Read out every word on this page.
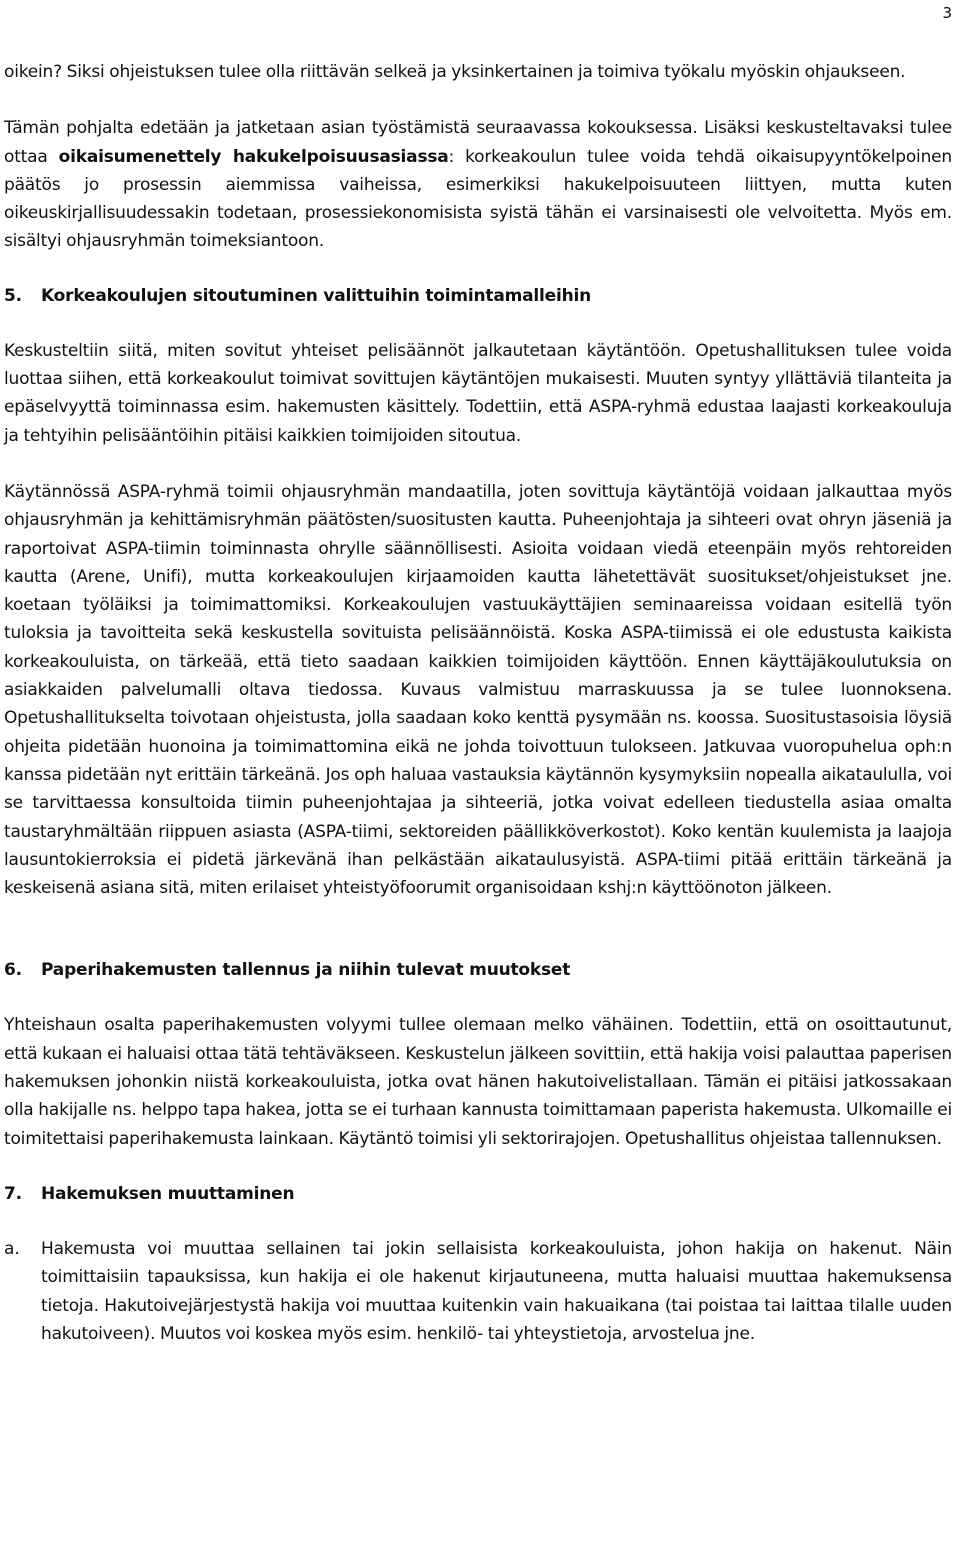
3

oikein? Siksi ohjeistuksen tulee olla riittävän selkeä ja yksinkertainen ja toimiva työkalu myöskin ohjaukseen.

Tämän pohjalta edetään ja jatketaan asian työstämistä seuraavassa kokouksessa. Lisäksi keskusteltavaksi tulee ottaa oikaisumenettely hakukelpoisuusasiassa: korkeakoulun tulee voida tehdä oikaisupyyntökelpoinen päätös jo prosessin aiemmissa vaiheissa, esimerkiksi hakukelpoisuuteen liittyen, mutta kuten oikeuskirjallisuudessakin todetaan, prosessiekonomisista syistä tähän ei varsinaisesti ole velvoitetta. Myös em. sisältyi ohjausryhmän toimeksiantoon.

5. Korkeakoulujen sitoutuminen valittuihin toimintamalleihin

Keskusteltiin siitä, miten sovitut yhteiset pelisäännöt jalkautetaan käytäntöön. Opetushallituksen tulee voida luottaa siihen, että korkeakoulut toimivat sovittujen käytäntöjen mukaisesti. Muuten syntyy yllättäviä tilanteita ja epäselvyyttä toiminnassa esim. hakemusten käsittely. Todettiin, että ASPA-ryhmä edustaa laajasti korkeakouluja ja tehtyihin pelisääntöihin pitäisi kaikkien toimijoiden sitoutua.

Käytännössä ASPA-ryhmä toimii ohjausryhmän mandaatilla, joten sovittuja käytäntöjä voidaan jalkauttaa myös ohjausryhmän ja kehittämisryhmän päätösten/suositusten kautta. Puheenjohtaja ja sihteeri ovat ohryn jäseniä ja raportoivat ASPA-tiimin toiminnasta ohrylle säännöllisesti. Asioita voidaan viedä eteenpäin myös rehtoreiden kautta (Arene, Unifi), mutta korkeakoulujen kirjaamoiden kautta lähetettävät suositukset/ohjeistukset jne. koetaan työläiksi ja toimimattomiksi. Korkeakoulujen vastuukäyttäjien seminaareissa voidaan esitellä työn tuloksia ja tavoitteita sekä keskustella sovituista pelisäännöistä. Koska ASPA-tiimissä ei ole edustusta kaikista korkeakouluista, on tärkeää, että tieto saadaan kaikkien toimijoiden käyttöön. Ennen käyttäjäkoulutuksia on asiakkaiden palvelumalli oltava tiedossa. Kuvaus valmistuu marraskuussa ja se tulee luonnoksena. Opetushallitukselta toivotaan ohjeistusta, jolla saadaan koko kenttä pysymään ns. koossa. Suositustasoisia löysiä ohjeita pidetään huonoina ja toimimattomina eikä ne johda toivottuun tulokseen. Jatkuvaa vuoropuhelua oph:n kanssa pidetään nyt erittäin tärkeänä. Jos oph haluaa vastauksia käytännön kysymyksiin nopealla aikataululla, voi se tarvittaessa konsultoida tiimin puheenjohtajaa ja sihteeriä, jotka voivat edelleen tiedustella asiaa omalta taustaryhmältään riippuen asiasta (ASPA-tiimi, sektoreiden päällikköverkostot). Koko kentän kuulemista ja laajoja lausuntokierroksia ei pidetä järkevänä ihan pelkästään aikataulusyistä. ASPA-tiimi pitää erittäin tärkeänä ja keskeisenä asiana sitä, miten erilaiset yhteistyöfoorumit organisoidaan kshj:n käyttöönoton jälkeen.

6. Paperihakemusten tallennus ja niihin tulevat muutokset

Yhteishaun osalta paperihakemusten volyymi tullee olemaan melko vähäinen. Todettiin, että on osoittautunut, että kukaan ei haluaisi ottaa tätä tehtäväkseen. Keskustelun jälkeen sovittiin, että hakija voisi palauttaa paperisen hakemuksen johonkin niistä korkeakouluista, jotka ovat hänen hakutoivelistallaan. Tämän ei pitäisi jatkossakaan olla hakijalle ns. helppo tapa hakea, jotta se ei turhaan kannusta toimittamaan paperista hakemusta. Ulkomaille ei toimitettaisi paperihakemusta lainkaan. Käytäntö toimisi yli sektorirajojen. Opetushallitus ohjeistaa tallennuksen.

7. Hakemuksen muuttaminen
a.	Hakemusta voi muuttaa sellainen tai jokin sellaisista korkeakouluista, johon hakija on hakenut. Näin toimittaisiin tapauksissa, kun hakija ei ole hakenut kirjautuneena, mutta haluaisi muuttaa hakemuksensa tietoja. Hakutoivejärjestystä hakija voi muuttaa kuitenkin vain hakuaikana (tai poistaa tai laittaa tilalle uuden hakutoiveen). Muutos voi koskea myös esim. henkilö- tai yhteystietoja, arvostelua jne.
